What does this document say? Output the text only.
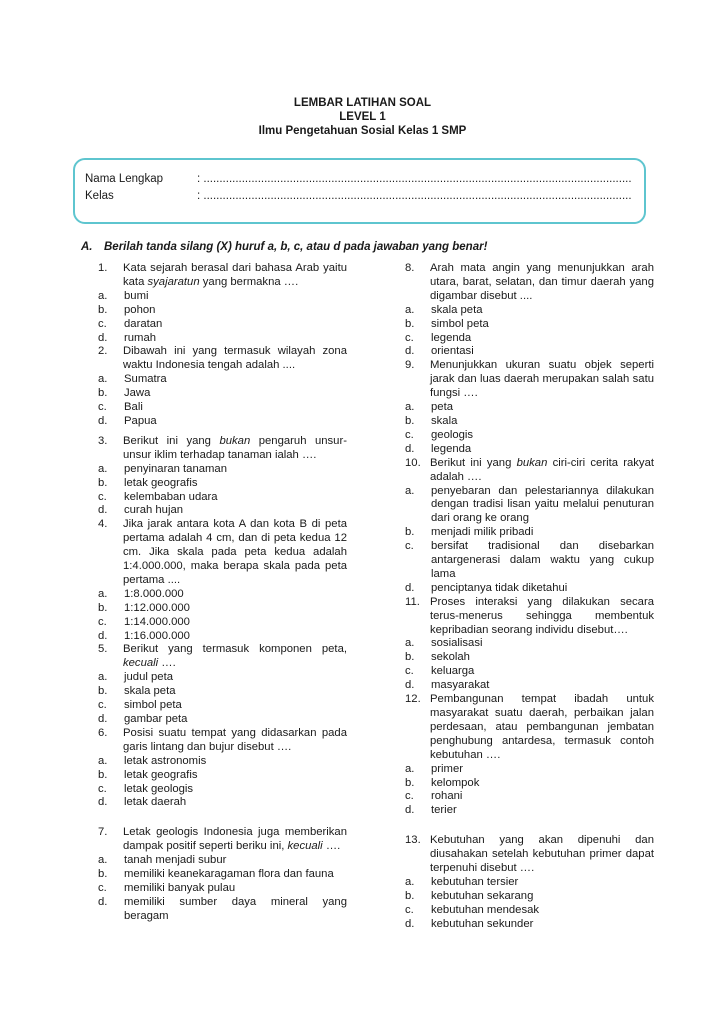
LEMBAR LATIHAN SOAL
LEVEL 1
Ilmu Pengetahuan Sosial Kelas 1 SMP
Nama Lengkap	: ......................................................................................................................................
Kelas	: ......................................................................................................................................
A. Berilah tanda silang (X) huruf a, b, c, atau d pada jawaban yang benar!
1. Kata sejarah berasal dari bahasa Arab yaitu kata syajaratun yang bermakna ….
a. bumi
b. pohon
c. daratan
d. rumah
2. Dibawah ini yang termasuk wilayah zona waktu Indonesia tengah adalah ....
a. Sumatra
b. Jawa
c. Bali
d. Papua
3. Berikut ini yang bukan pengaruh unsur-unsur iklim terhadap tanaman ialah ….
a. penyinaran tanaman
b. letak geografis
c. kelembaban udara
d. curah hujan
4. Jika jarak antara kota A dan kota B di peta pertama adalah 4 cm, dan di peta kedua 12 cm. Jika skala pada peta kedua adalah 1:4.000.000, maka berapa skala pada peta pertama ....
a. 1:8.000.000
b. 1:12.000.000
c. 1:14.000.000
d. 1:16.000.000
5. Berikut yang termasuk komponen peta, kecuali ….
a. judul peta
b. skala peta
c. simbol peta
d. gambar peta
6. Posisi suatu tempat yang didasarkan pada garis lintang dan bujur disebut ….
a. letak astronomis
b. letak geografis
c. letak geologis
d. letak daerah
7. Letak geologis Indonesia juga memberikan dampak positif seperti beriku ini, kecuali ….
a. tanah menjadi subur
b. memiliki keanekaragaman flora dan fauna
c. memiliki banyak pulau
d. memiliki sumber daya mineral yang beragam
8. Arah mata angin yang menunjukkan arah utara, barat, selatan, dan timur daerah yang digambar disebut ....
a. skala peta
b. simbol peta
c. legenda
d. orientasi
9. Menunjukkan ukuran suatu objek seperti jarak dan luas daerah merupakan salah satu fungsi ….
a. peta
b. skala
c. geologis
d. legenda
10. Berikut ini yang bukan ciri-ciri cerita rakyat adalah ….
a. penyebaran dan pelestariannya dilakukan dengan tradisi lisan yaitu melalui penuturan dari orang ke orang
b. menjadi milik pribadi
c. bersifat tradisional dan disebarkan antargenerasi dalam waktu yang cukup lama
d. penciptanya tidak diketahui
11. Proses interaksi yang dilakukan secara terus-menerus sehingga membentuk kepribadian seorang individu disebut….
a. sosialisasi
b. sekolah
c. keluarga
d. masyarakat
12. Pembangunan tempat ibadah untuk masyarakat suatu daerah, perbaikan jalan perdesaan, atau pembangunan jembatan penghubung antardesa, termasuk contoh kebutuhan ….
a. primer
b. kelompok
c. rohani
d. terier
13. Kebutuhan yang akan dipenuhi dan diusahakan setelah kebutuhan primer dapat terpenuhi disebut ….
a. kebutuhan tersier
b. kebutuhan sekarang
c. kebutuhan mendesak
d. kebutuhan sekunder
